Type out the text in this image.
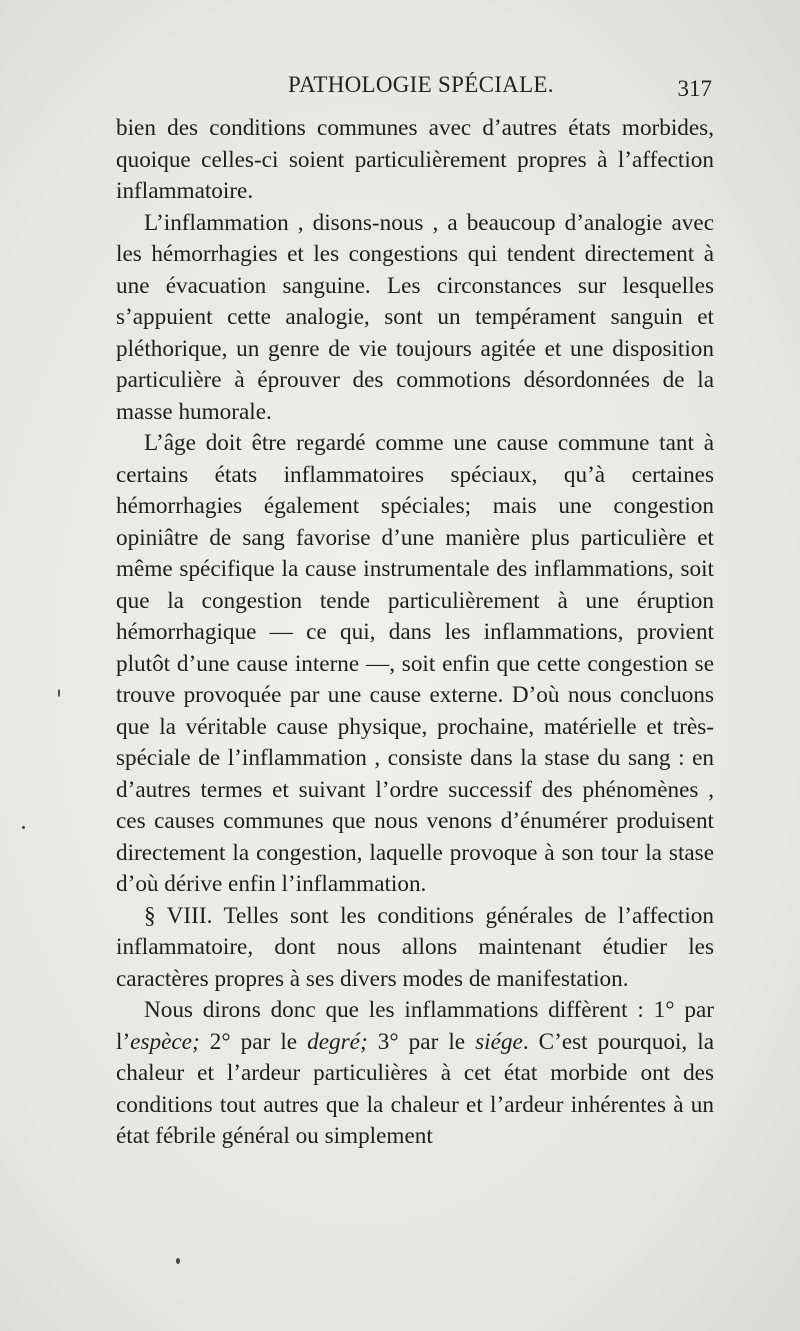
PATHOLOGIE SPÉCIALE.	317

bien des conditions communes avec d’autres états morbides, quoique celles-ci soient particulièrement propres à l’affection inflammatoire.

L’inflammation , disons-nous , a beaucoup d’analogie avec les hémorrhagies et les congestions qui tendent directement à une évacuation sanguine. Les circonstances sur lesquelles s’appuient cette analogie, sont un tempérament sanguin et pléthorique, un genre de vie toujours agitée et une disposition particulière à éprouver des commotions désordonnées de la masse humorale.

L’âge doit être regardé comme une cause commune tant à certains états inflammatoires spéciaux, qu’à certaines hémorrhagies également spéciales; mais une congestion opiniâtre de sang favorise d’une manière plus particulière et même spécifique la cause instrumentale des inflammations, soit que la congestion tende particulièrement à une éruption hémorrhagique — ce qui, dans les inflammations, provient plutôt d’une cause interne —, soit enfin que cette congestion se trouve provoquée par une cause externe. D’où nous concluons que la véritable cause physique, prochaine, matérielle et très-spéciale de l’inflammation , consiste dans la stase du sang : en d’autres termes et suivant l’ordre successif des phénomènes , ces causes communes que nous venons d’énumérer produisent directement la congestion, laquelle provoque à son tour la stase d’où dérive enfin l’inflammation.

§ VIII. Telles sont les conditions générales de l’affection inflammatoire, dont nous allons maintenant étudier les caractères propres à ses divers modes de manifestation.

Nous dirons donc que les inflammations diffèrent : 1° par l’espèce; 2° par le degré; 3° par le siége. C’est pourquoi, la chaleur et l’ardeur particulières à cet état morbide ont des conditions tout autres que la chaleur et l’ardeur inhérentes à un état fébrile général ou simplement
